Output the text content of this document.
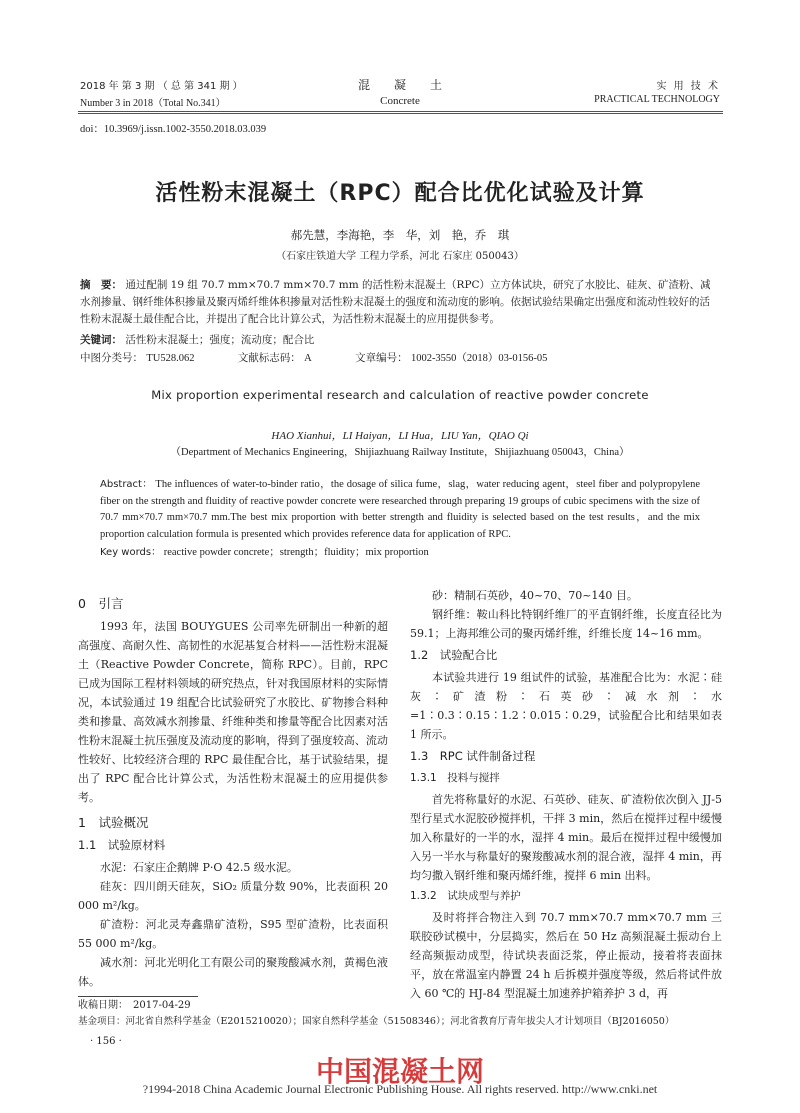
2018 年 第 3 期 （ 总 第 341 期 ）
Number 3 in 2018（Total No.341）
混　　凝　　土
Concrete
实 用 技 术
PRACTICAL TECHNOLOGY
doi：10.3969/j.issn.1002-3550.2018.03.039
活性粉末混凝土（RPC）配合比优化试验及计算
郝先慧，李海艳，李　华，刘　艳，乔　琪
（石家庄铁道大学 工程力学系，河北 石家庄 050043）
摘　要： 通过配制 19 组 70.7 mm×70.7 mm×70.7 mm 的活性粉末混凝土（RPC）立方体试块，研究了水胶比、硅灰、矿渣粉、减水剂掺量、钢纤维体积掺量及聚丙烯纤维体积掺量对活性粉末混凝土的强度和流动度的影响。依据试验结果确定出强度和流动性较好的活性粉末混凝土最佳配合比，并提出了配合比计算公式，为活性粉末混凝土的应用提供参考。
关键词： 活性粉末混凝土；强度；流动度；配合比
中图分类号： TU528.062	文献标志码： A	文章编号： 1002-3550（2018）03-0156-05
Mix proportion experimental research and calculation of reactive powder concrete
HAO Xianhui，LI Haiyan，LI Hua，LIU Yan，QIAO Qi
（Department of Mechanics Engineering，Shijiazhuang Railway Institute，Shijiazhuang 050043，China）
Abstract： The influences of water-to-binder ratio，the dosage of silica fume，slag，water reducing agent，steel fiber and polypropylene fiber on the strength and fluidity of reactive powder concrete were researched through preparing 19 groups of cubic specimens with the size of 70.7 mm×70.7 mm×70.7 mm.The best mix proportion with better strength and fluidity is selected based on the test results，and the mix proportion calculation formula is presented which provides reference data for application of RPC.
Key words： reactive powder concrete；strength；fluidity；mix proportion

0　引言

1993 年，法国 BOUYGUES 公司率先研制出一种新的超高强度、高耐久性、高韧性的水泥基复合材料——活性粉末混凝土（Reactive Powder Concrete，简称 RPC）。目前，RPC 已成为国际工程材料领域的研究热点，针对我国原材料的实际情况，本试验通过 19 组配合比试验研究了水胶比、矿物掺合料种类和掺量、高效减水剂掺量、纤维种类和掺量等配合比因素对活性粉末混凝土抗压强度及流动度的影响，得到了强度较高、流动性较好、比较经济合理的 RPC 最佳配合比，基于试验结果，提出了 RPC 配合比计算公式，为活性粉末混凝土的应用提供参考。

1　试验概况

1.1　试验原材料

水泥：石家庄企鹅牌 P·O 42.5 级水泥。

硅灰：四川朗天硅灰，SiO₂ 质量分数 90%，比表面积 20 000 m²/kg。

矿渣粉：河北灵寿鑫鼎矿渣粉，S95 型矿渣粉，比表面积 55 000 m²/kg。

减水剂：河北光明化工有限公司的聚羧酸减水剂，黄褐色液体。

砂：精制石英砂，40~70、70~140 目。

钢纤维：鞍山科比特钢纤维厂的平直钢纤维，长度直径比为 59.1；上海邦维公司的聚丙烯纤维，纤维长度 14~16 mm。

1.2　试验配合比

本试验共进行 19 组试件的试验，基准配合比为：水泥∶硅灰∶矿渣粉∶石英砂∶减水剂∶水 =1∶0.3∶0.15∶1.2∶0.015∶0.29，试验配合比和结果如表 1 所示。

1.3　RPC 试件制备过程

1.3.1　投料与搅拌

首先将称量好的水泥、石英砂、硅灰、矿渣粉依次倒入 JJ-5 型行星式水泥胶砂搅拌机，干拌 3 min，然后在搅拌过程中缓慢加入称量好的一半的水，湿拌 4 min。最后在搅拌过程中缓慢加入另一半水与称量好的聚羧酸减水剂的混合液，湿拌 4 min，再均匀撒入钢纤维和聚丙烯纤维，搅拌 6 min 出料。

1.3.2　试块成型与养护

及时将拌合物注入到 70.7 mm×70.7 mm×70.7 mm 三联胶砂试模中，分层捣实，然后在 50 Hz 高频混凝土振动台上经高频振动成型，待试块表面泛浆，停止振动，接着将表面抹平，放在常温室内静置 24 h 后拆模并强度等级，然后将试件放入 60 ℃的 HJ-84 型混凝土加速养护箱养护 3 d，再

收稿日期：　2017-04-29
基金项目：河北省自然科学基金（E2015210020）；国家自然科学基金（51508346）；河北省教育厅青年拔尖人才计划项目（BJ2016050）
· 156 ·
中国混凝土网
?1994-2018 China Academic Journal Electronic Publishing House. All rights reserved. http://www.cnki.net
